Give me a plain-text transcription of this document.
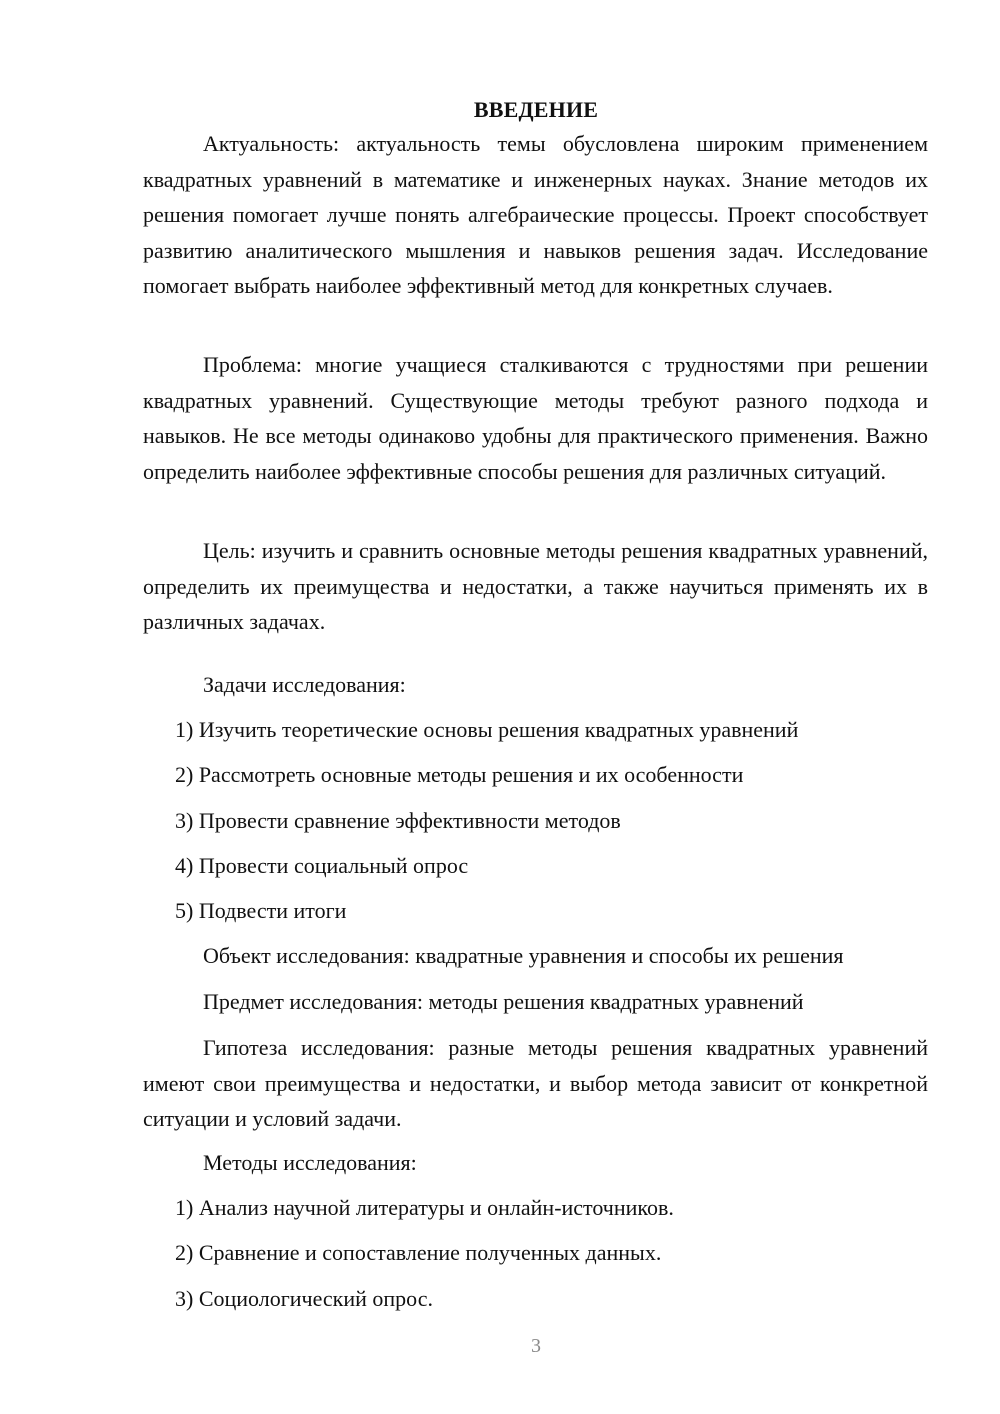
ВВЕДЕНИЕ

Актуальность: актуальность темы обусловлена широким применением квадратных уравнений в математике и инженерных науках. Знание методов их решения помогает лучше понять алгебраические процессы. Проект способствует развитию аналитического мышления и навыков решения задач. Исследование помогает выбрать наиболее эффективный метод для конкретных случаев.

Проблема: многие учащиеся сталкиваются с трудностями при решении квадратных уравнений. Существующие методы требуют разного подхода и навыков. Не все методы одинаково удобны для практического применения. Важно определить наиболее эффективные способы решения для различных ситуаций.

Цель: изучить и сравнить основные методы решения квадратных уравнений, определить их преимущества и недостатки, а также научиться применять их в различных задачах.

Задачи исследования:
1) Изучить теоретические основы решения квадратных уравнений
2) Рассмотреть основные методы решения и их особенности
3) Провести сравнение эффективности методов
4) Провести социальный опрос
5) Подвести итоги
Объект исследования: квадратные уравнения и способы их решения
Предмет исследования: методы решения квадратных уравнений

Гипотеза исследования: разные методы решения квадратных уравнений имеют свои преимущества и недостатки, и выбор метода зависит от конкретной ситуации и условий задачи.

Методы исследования:
1) Анализ научной литературы и онлайн-источников.
2) Сравнение и сопоставление полученных данных.
3) Социологический опрос.
3
